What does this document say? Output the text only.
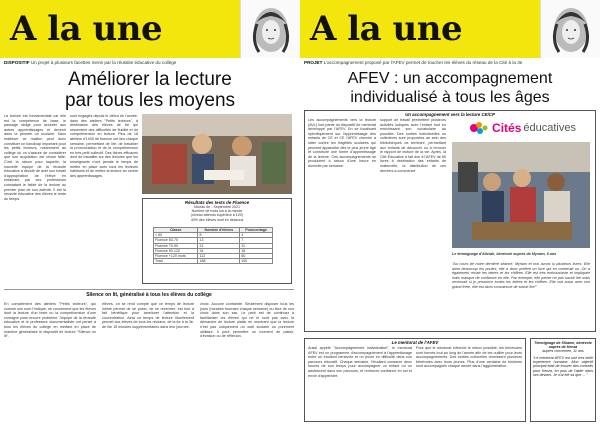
A la une
DISPOSITIF Un projet à plusieurs facettes mené par la réussite éducative du collège
Améliorer la lecture
par tous les moyens
La lecture est fondamentale car elle est la compétence de base, le passage obligé pour accéder aux autres apprentissages et devenir dans la pensée un scolaire. Sans maîtriser ce maillon peut donc constituer un handicap important pour les petits lecteurs, notamment au collège où on s'assure de considérer que son acquisition est chose faite. C'est la raison pour laquelle, la nouvelle équipe de la réussite éducative a décidé de axer son travail d'appropriation de l'élève en entamant par ses professeurs constatant le faible de la lecture au premier plan de son activité. Il est la réussite éducative des élèves le reste du temps.
sont engagés depuis le début de l'année, dans des ateliers "Petits lecteurs", à destination des élèves de 6e qui ressentent des difficultés de fluidité et de compréhension en lecture. Plus de 18 ateliers d'1h30 de fluence ont lieu chaque semaine, permettant de lire, de travailler la prononciation et de la compréhension en très petit collectif. Des fiches efficaces dont de travailler sur des lectures que les enseignants n'ont jamais le temps de mettre en place avec tous les lecteurs habituels et de mettre la lecture au centre des apprentissages.
Résultats des tests de Fluence
Niveau 6e - Septembre 2021
Nombre de mots lus à la minute
(niveau attendu supérieur à 120)
40% des élèves sont en dessous
Classe	Nombre d'élèves	Pourcentage
< 60	8	4
Fluence 60-70	13	7
Fluence 70-90	21	11
Fluence 90-120	34	18
Fluence +120 mots	112	60
Total	188	100
Silence on lit, généralisé à tous les élèves du collège
En complément des ateliers "Petits lecteurs", qui comme son nom l'indique, ne concernent que les élèves dont la lecture d'un texte ou la compréhension d'une consigne pose encore problème, l'équipe de la réussite éducative et le professeur documentaliste ont pensé à tous les élèves du collège en mettant en place de manière généralisée le dispositif de lecture "Silence on lit".
élèves, on se rend compte que ce temps de lecture intime permet de se poser, de se recentrer, est tout à fait bénéfique pour améliorer l'attention et la concentration. Ainsi ce temps de lecture rituellement permet aux élèves de tous les niveaux, de la 6e à la 3e, de lire 15 minutes supplémentaires dans leur journée.
choix. Aucune contrainte. Seulement disposer tous les jours (horaires tournant chaque semaine) du livre de son choix dans son sac. Le parti est de continuer à familiariser les élèves qui ne le sont pas avec la démarche de lecture plaisir en montrant que la lecture n'est pas uniquement un outil scolaire ou purement utilitaire. Il peut permettre un moment de plaisir, d'évasion ou de réflexion.
A la une
PROJET L'accompagnement proposé par l'AFEV permet de toucher les élèves du réseau de la Cité à la 3e
AFEV : un accompagnement
individualisé à tous les âges
Un accompagnement vers la lecture CE/CP
Les accompagnements vers la lecture (AVL) font partie du dispositif de mentorat développé par l'AFEV. En se focalisant spécifiquement sur l'apprentissage des enfants de CE et CE l'AFEV cherche à lutter contre les fragilités scolaires qui peuvent apparaître dès le plus jeune âge et construire une forme d'apprentissage de la lecture. Ces accompagnements se produisent à raison d'une heure en domicile par semaine.
support de travail permettent plusieurs activités ludiques avec l'enfant tout en enrichissant son vocabulaire au possible. Des sorties individuelles ou collectives sont proposées au sein des bibliothèques de territoire, permettant aux enfants de découvrir ou à renouer le rapport de lecture de la vie. Après, la Cité Éducative a fait don à l'AFEV de 80 livres à destination des enfants de maternelle, la distribution de ces derniers a commencé.
Cités éducatives
Le témoignage d'Aliciah, bénévole auprès de Myriam, 6 ans
"Au cours de notre dernière séance, Myriam et moi avons lu plusieurs livres. Elle aime beaucoup les poules, elle a donc préféré un livre qui en contenait un. On a également révisé les lettres et les chiffres. Elle est très enthousiaste et impliquée mais manque de confiance en elle. Par exemple, elle pense ne pas savoir lire mais reconnaît si je prononce toutes les lettres et les chiffres. Elle voit aussi avec son grand frère, elle est alors convaincue de savoir lire!"
Le mentorat de l'AFEV
Aussi appelé "Accompagnement individualisé", le mentorat AFEV est un programme d'accompagnement à l'apprentissage entre un étudiant bénévole et un jeune en difficulté dans son parcours éducatif. Chaque semaine, l'étudiant consacre deux heures de son temps pour accompagner un enfant ou un adolescent dans son parcours, et renforcer confiance en soi et envie d'apprendre.
Pour que le mentorat s'étende le mieux possible, les bénévoles sont formés tout au long de l'année afin de les outiller pour leurs accompagnements. Des sorties culturelles réunissent plusieurs bénévoles avec leurs jeunes. Plus d'une centaine de binômes sont accompagnés chaque année dans l'agglomération.
Témoignage de Sihame, bénévole auprès de Kenza
auprès concernée, 11 ans
"Le mentorat AFEV est une très belle expérience humaine. Mon objectif principal était de trouver des conseils pour Kenza, en plus de l'aider dans ses devoirs. Je n'ai été sa que ... "
